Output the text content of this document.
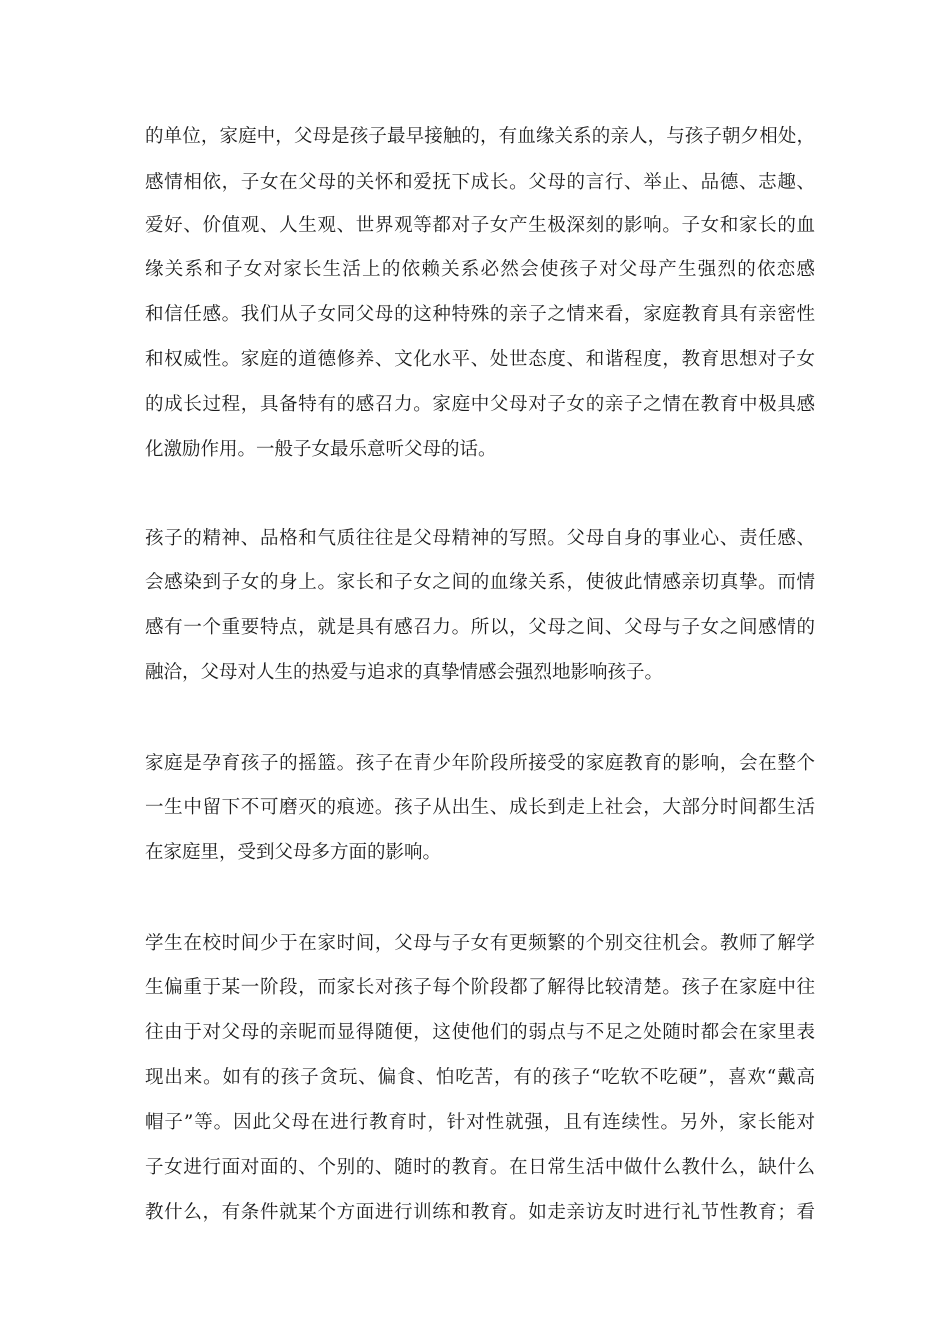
的单位，家庭中，父母是孩子最早接触的，有血缘关系的亲人，与孩子朝夕相处，
感情相依，子女在父母的关怀和爱抚下成长。父母的言行、举止、品德、志趣、
爱好、价值观、人生观、世界观等都对子女产生极深刻的影响。子女和家长的血
缘关系和子女对家长生活上的依赖关系必然会使孩子对父母产生强烈的依恋感
和信任感。我们从子女同父母的这种特殊的亲子之情来看，家庭教育具有亲密性
和权威性。家庭的道德修养、文化水平、处世态度、和谐程度，教育思想对子女
的成长过程，具备特有的感召力。家庭中父母对子女的亲子之情在教育中极具感
化激励作用。一般子女最乐意听父母的话。
孩子的精神、品格和气质往往是父母精神的写照。父母自身的事业心、责任感、
会感染到子女的身上。家长和子女之间的血缘关系，使彼此情感亲切真挚。而情
感有一个重要特点，就是具有感召力。所以，父母之间、父母与子女之间感情的
融洽，父母对人生的热爱与追求的真挚情感会强烈地影响孩子。
家庭是孕育孩子的摇篮。孩子在青少年阶段所接受的家庭教育的影响，会在整个
一生中留下不可磨灭的痕迹。孩子从出生、成长到走上社会，大部分时间都生活
在家庭里，受到父母多方面的影响。
学生在校时间少于在家时间，父母与子女有更频繁的个别交往机会。教师了解学
生偏重于某一阶段，而家长对孩子每个阶段都了解得比较清楚。孩子在家庭中往
往由于对父母的亲昵而显得随便，这使他们的弱点与不足之处随时都会在家里表
现出来。如有的孩子贪玩、偏食、怕吃苦，有的孩子“吃软不吃硬”，喜欢“戴高
帽子”等。因此父母在进行教育时，针对性就强，且有连续性。另外，家长能对
子女进行面对面的、个别的、随时的教育。在日常生活中做什么教什么，缺什么
教什么，有条件就某个方面进行训练和教育。如走亲访友时进行礼节性教育；看
